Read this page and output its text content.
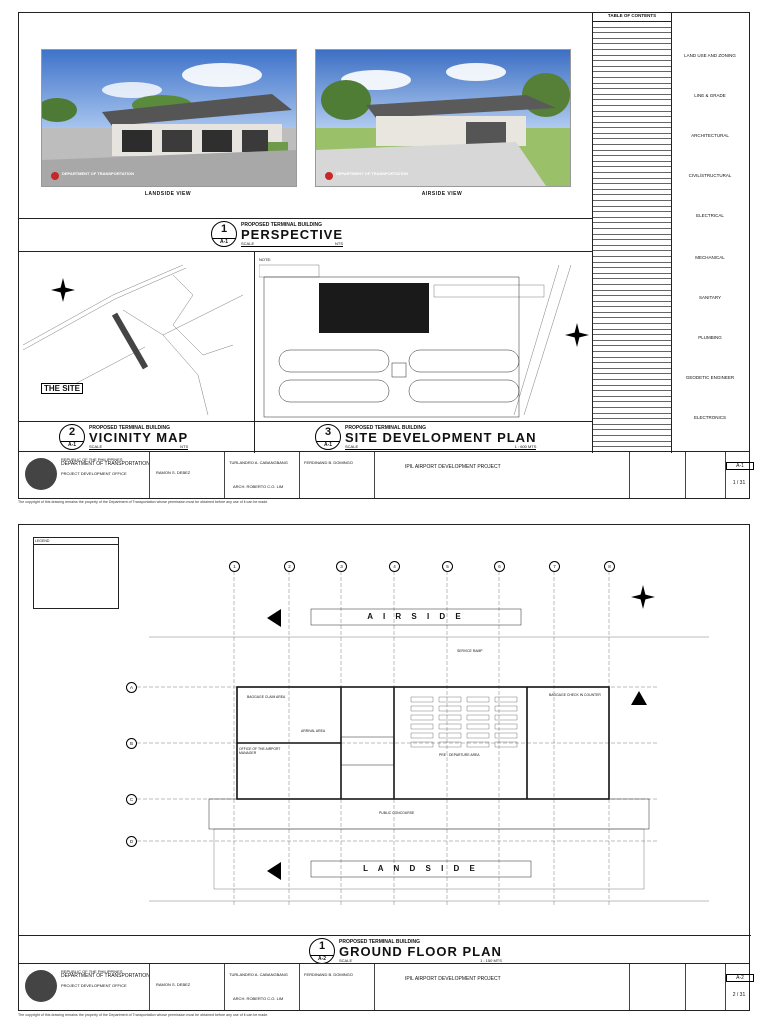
DEPARTMENT OF TRANSPORTATION
LANDSIDE VIEW
DEPARTMENT OF TRANSPORTATION
AIRSIDE VIEW
1
A-1
PROPOSED TERMINAL BUILDING
PERSPECTIVE
SCALE	NTS
THE SITE
2
A-1
PROPOSED TERMINAL BUILDING
VICINITY MAP
SCALE	NTS
NOTE:
3
A-1
PROPOSED TERMINAL BUILDING
SITE DEVELOPMENT PLAN
SCALE	1 : 600 MTS
TABLE OF CONTENTS
LAND USE AND ZONING
LINE & GRADE
ARCHITECTURAL
CIVIL/STRUCTURAL
ELECTRICAL
MECHANICAL
SANITARY
PLUMBING
GEODETIC ENGINEER
ELECTRONICS
REPUBLIC OF THE PHILIPPINES
DEPARTMENT OF TRANSPORTATION
PROJECT DEVELOPMENT OFFICE	RAMON S. DEBEZ
TURLANDRO A. CABANGBANG
ARCH. ROBERTO C.O. LIM
FERDINAND B. DOMINGO
IPIL AIRPORT DEVELOPMENT PROJECT	A-1
1 / 31
The copyright of this drawing remains the property of the Department of Transportation whose permission must be obtained before any use of it can be made.
LEGEND
A I R S I D E
L A N D S I D E
BAGGAGE CLAIM AREA
ARRIVAL AREA
PRE - DEPARTURE AREA
OFFICE OF THE AIRPORT MANAGER
PUBLIC CONCOURSE
SERVICE RAMP
BAGGAGE CHECK IN COUNTER
1	2	3	4	5	6	7	8
A
B
C
D
1
A-2
PROPOSED TERMINAL BUILDING
GROUND FLOOR PLAN
SCALE	1 : 150 MTS
REPUBLIC OF THE PHILIPPINES
DEPARTMENT OF TRANSPORTATION
PROJECT DEVELOPMENT OFFICE	RAMON S. DEBEZ
TURLANDRO A. CABANGBANG
ARCH. ROBERTO C.O. LIM
FERDINAND B. DOMINGO
IPIL AIRPORT DEVELOPMENT PROJECT	A-2
2 / 31
The copyright of this drawing remains the property of the Department of Transportation whose permission must be obtained before any use of it can be made.
